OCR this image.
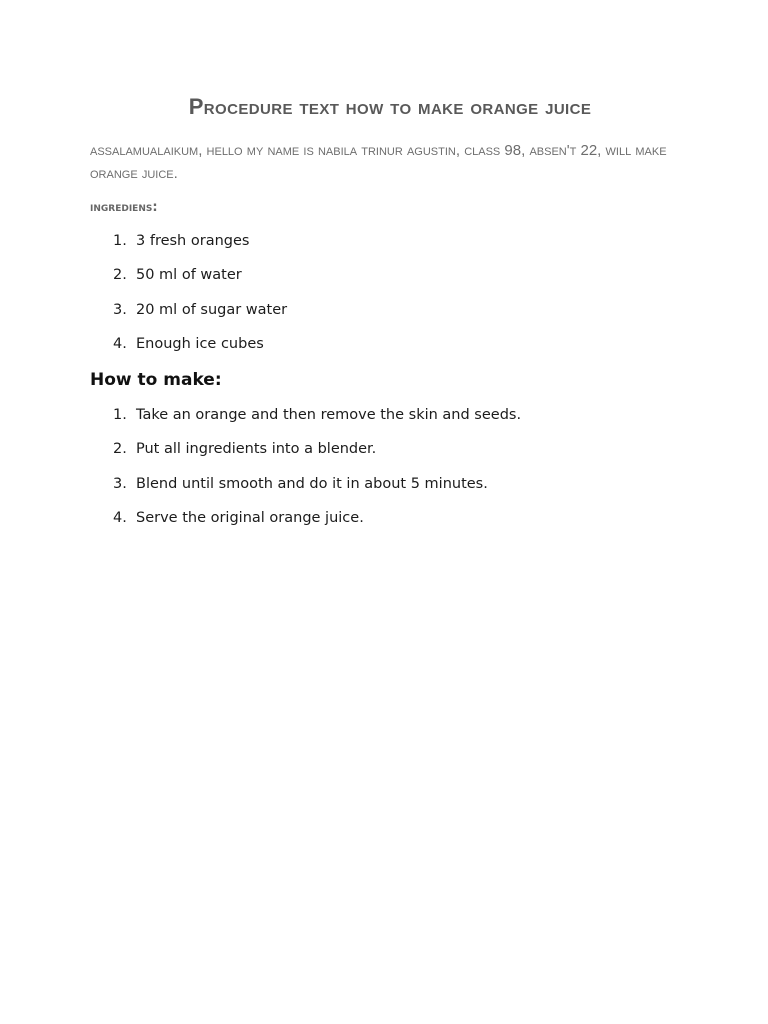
Procedure text how to make orange juice
assalamualaikum, hello my name is nabila trinur agustin, class 98, absen't 22, will make orange juice.
ingrediens:
1. 3 fresh oranges
2. 50 ml of water
3. 20 ml of sugar water
4. Enough ice cubes
How to make:
1. Take an orange and then remove the skin and seeds.
2. Put all ingredients into a blender.
3. Blend until smooth and do it in about 5 minutes.
4. Serve the original orange juice.
